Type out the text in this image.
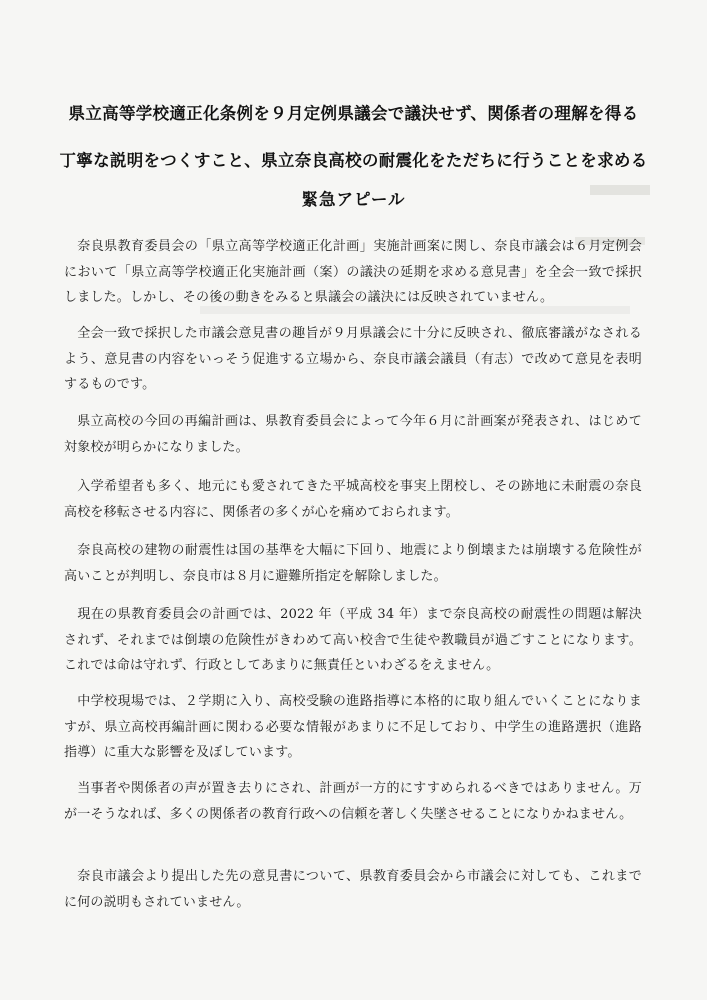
県立高等学校適正化条例を９月定例県議会で議決せず、関係者の理解を得る
丁寧な説明をつくすこと、県立奈良高校の耐震化をただちに行うことを求める
緊急アピール

奈良県教育委員会の「県立高等学校適正化計画」実施計画案に関し、奈良市議会は６月定例会において「県立高等学校適正化実施計画（案）の議決の延期を求める意見書」を全会一致で採択しました。しかし、その後の動きをみると県議会の議決には反映されていません。

全会一致で採択した市議会意見書の趣旨が９月県議会に十分に反映され、徹底審議がなされるよう、意見書の内容をいっそう促進する立場から、奈良市議会議員（有志）で改めて意見を表明するものです。

県立高校の今回の再編計画は、県教育委員会によって今年６月に計画案が発表され、はじめて対象校が明らかになりました。

入学希望者も多く、地元にも愛されてきた平城高校を事実上閉校し、その跡地に未耐震の奈良高校を移転させる内容に、関係者の多くが心を痛めておられます。

奈良高校の建物の耐震性は国の基準を大幅に下回り、地震により倒壊または崩壊する危険性が高いことが判明し、奈良市は８月に避難所指定を解除しました。

現在の県教育委員会の計画では、2022 年（平成 34 年）まで奈良高校の耐震性の問題は解決されず、それまでは倒壊の危険性がきわめて高い校舎で生徒や教職員が過ごすことになります。これでは命は守れず、行政としてあまりに無責任といわざるをえません。

中学校現場では、２学期に入り、高校受験の進路指導に本格的に取り組んでいくことになりますが、県立高校再編計画に関わる必要な情報があまりに不足しており、中学生の進路選択（進路指導）に重大な影響を及ぼしています。

当事者や関係者の声が置き去りにされ、計画が一方的にすすめられるべきではありません。万が一そうなれば、多くの関係者の教育行政への信頼を著しく失墜させることになりかねません。

奈良市議会より提出した先の意見書について、県教育委員会から市議会に対しても、これまでに何の説明もされていません。
